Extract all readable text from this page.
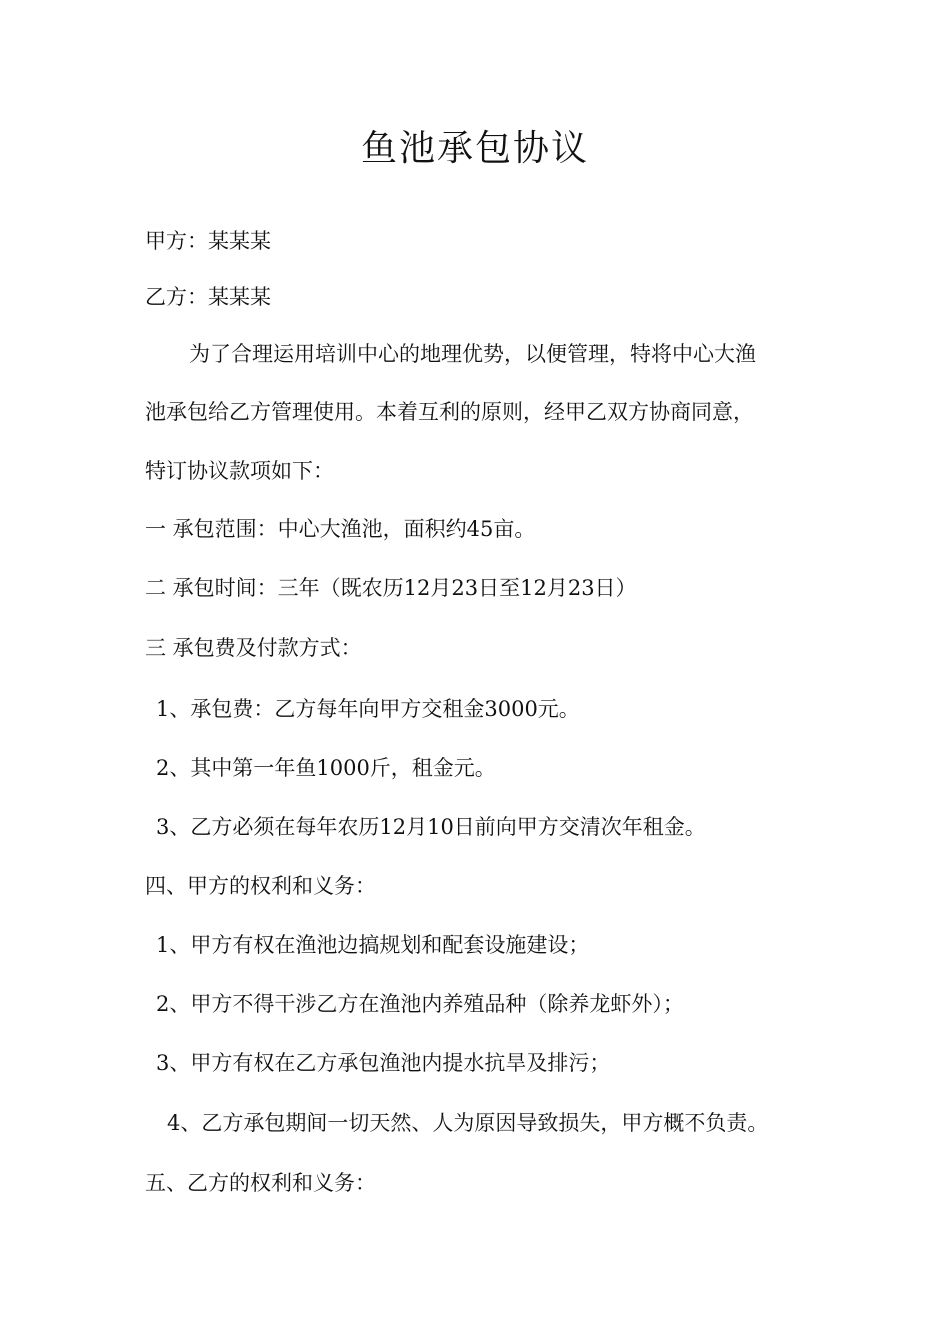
鱼池承包协议
甲方：某某某
乙方：某某某
为了合理运用培训中心的地理优势，以便管理，特将中心大渔
池承包给乙方管理使用。本着互利的原则，经甲乙双方协商同意，
特订协议款项如下：
一 承包范围：中心大渔池，面积约45亩。
二 承包时间：三年（既农历12月23日至12月23日）
三 承包费及付款方式：
1、承包费：乙方每年向甲方交租金3000元。
2、其中第一年鱼1000斤，租金元。
3、乙方必须在每年农历12月10日前向甲方交清次年租金。
四、甲方的权利和义务：
1、甲方有权在渔池边搞规划和配套设施建设；
2、甲方不得干涉乙方在渔池内养殖品种（除养龙虾外）；
3、甲方有权在乙方承包渔池内提水抗旱及排污；
4、乙方承包期间一切天然、人为原因导致损失，甲方概不负责。
五、乙方的权利和义务：
